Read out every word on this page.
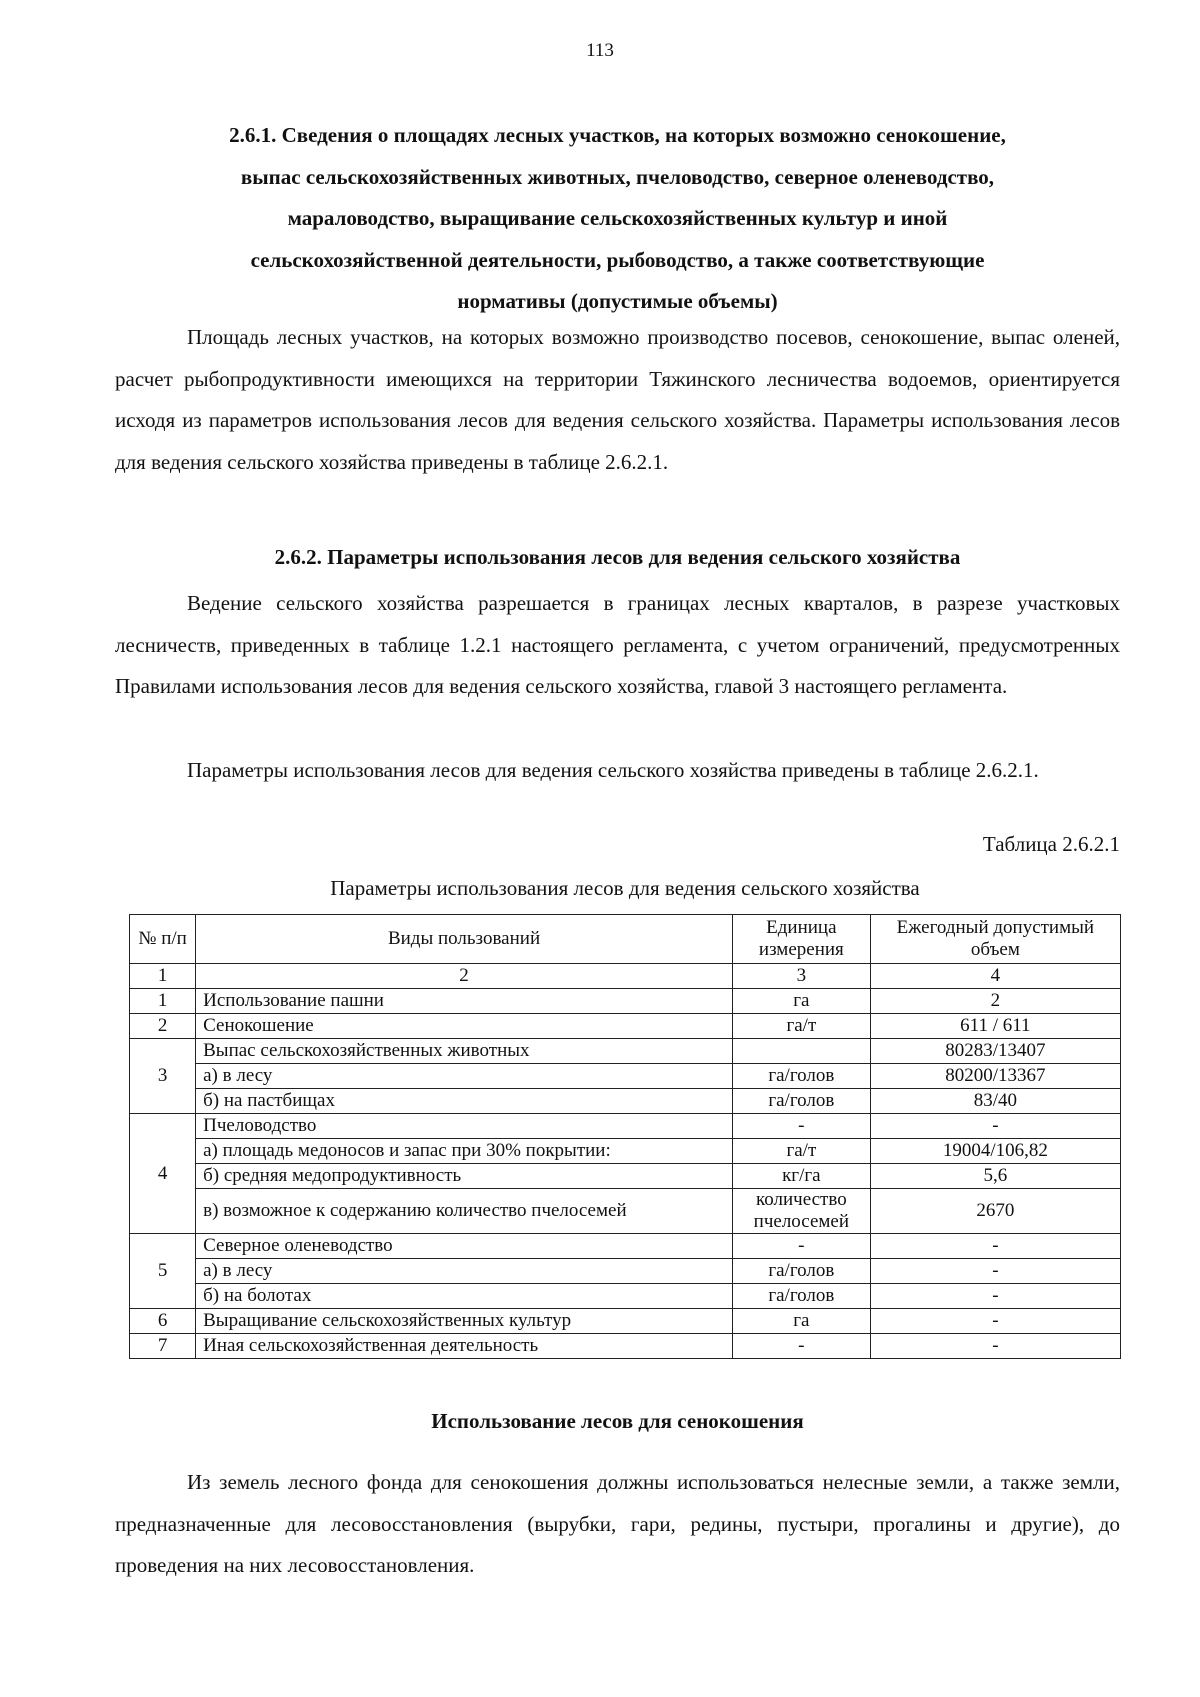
113
2.6.1. Сведения о площадях лесных участков, на которых возможно сенокошение,
выпас сельскохозяйственных животных, пчеловодство, северное оленеводство,
мараловодство, выращивание сельскохозяйственных культур и иной
сельскохозяйственной деятельности, рыбоводство, а также соответствующие
нормативы (допустимые объемы)
Площадь лесных участков, на которых возможно производство посевов, сенокошение, выпас оленей, расчет рыбопродуктивности имеющихся на территории Тяжинского лесничества водоемов, ориентируется исходя из параметров использования лесов для ведения сельского хозяйства. Параметры использования лесов для ведения сельского хозяйства приведены в таблице 2.6.2.1.
2.6.2. Параметры использования лесов для ведения сельского хозяйства
Ведение сельского хозяйства разрешается в границах лесных кварталов, в разрезе участковых лесничеств, приведенных в таблице 1.2.1 настоящего регламента, с учетом ограничений, предусмотренных Правилами использования лесов для ведения сельского хозяйства, главой 3 настоящего регламента.
Параметры использования лесов для ведения сельского хозяйства приведены в таблице 2.6.2.1.
Таблица 2.6.2.1
Параметры использования лесов для ведения сельского хозяйства
№ п/п	Виды пользований	Единица измерения	Ежегодный допустимый объем
1	2	3	4
1	Использование пашни	га	2
2	Сенокошение	га/т	611 / 611
3	Выпас сельскохозяйственных животных		80283/13407
	а) в лесу	га/голов	80200/13367
	б) на пастбищах	га/голов	83/40
4	Пчеловодство	-	-
	а) площадь медоносов и запас при 30% покрытии:	га/т	19004/106,82
	б) средняя медопродуктивность	кг/га	5,6
	в) возможное к содержанию количество пчелосемей	количество пчелосемей	2670
5	Северное оленеводство	-	-
	а) в лесу	га/голов	-
	б) на болотах	га/голов	-
6	Выращивание сельскохозяйственных культур	га	-
7	Иная сельскохозяйственная деятельность	-	-
Использование лесов для сенокошения
Из земель лесного фонда для сенокошения должны использоваться нелесные земли, а также земли, предназначенные для лесовосстановления (вырубки, гари, редины, пустыри, прогалины и другие), до проведения на них лесовосстановления.
